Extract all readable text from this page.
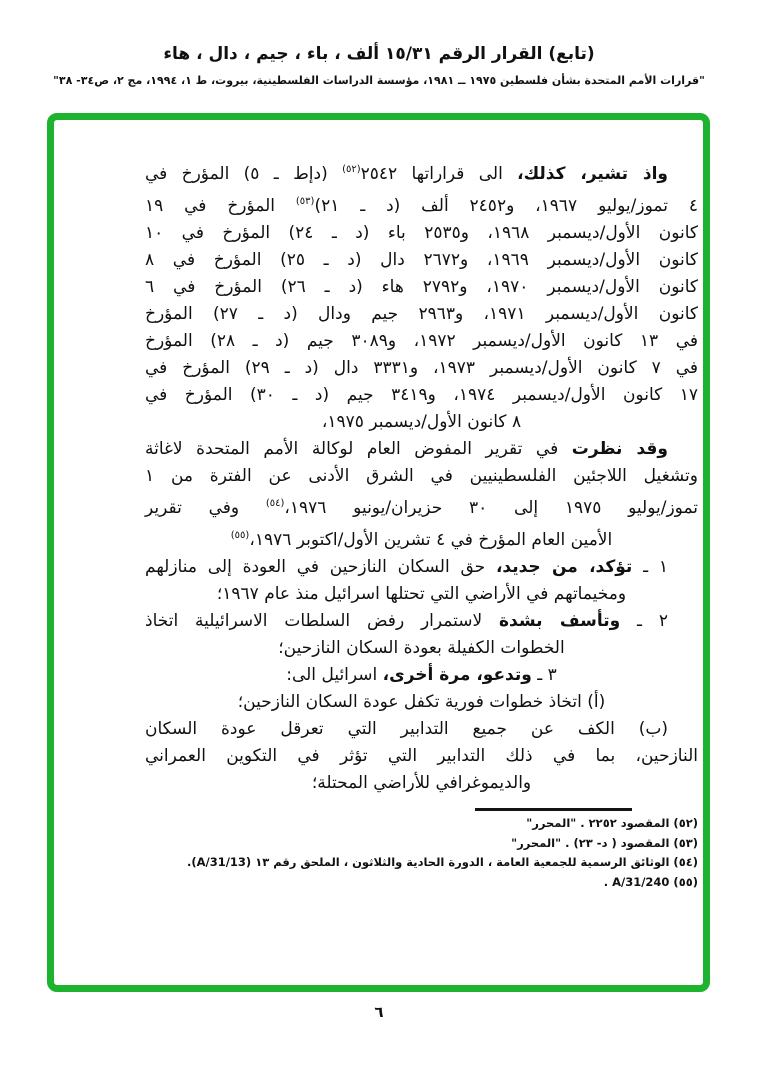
(تابع) القرار الرقم ١٥/٣١ ألف ، باء ، جيم ، دال ، هاء
"قرارات الأمم المتحدة بشأن فلسطين ١٩٧٥ ــ ١٩٨١، مؤسسة الدراسات الفلسطينية، بيروت، ط ١، ١٩٩٤، مج ٢، ص٣٤- ٣٨"
واذ تشير، كذلك، الى قراراتها ٢٥٤٢$^{(٥٢)}$ (دإط ـ ٥) المؤرخ في
٤ تموز/يوليو ١٩٦٧، و٢٤٥٢ ألف (د ـ ٢١)$^{(٥٣)}$ المؤرخ في ١٩
كانون الأول/ديسمبر ١٩٦٨، و٢٥٣٥ باء (د ـ ٢٤) المؤرخ في ١٠
كانون الأول/ديسمبر ١٩٦٩، و٢٦٧٢ دال (د ـ ٢٥) المؤرخ في ٨
كانون الأول/ديسمبر ١٩٧٠، و٢٧٩٢ هاء (د ـ ٢٦) المؤرخ في ٦
كانون الأول/ديسمبر ١٩٧١، و٢٩٦٣ جيم ودال (د ـ ٢٧) المؤرخ
في ١٣ كانون الأول/ديسمبر ١٩٧٢، و٣٠٨٩ جيم (د ـ ٢٨) المؤرخ
في ٧ كانون الأول/ديسمبر ١٩٧٣، و٣٣٣١ دال (د ـ ٢٩) المؤرخ في
١٧ كانون الأول/ديسمبر ١٩٧٤، و٣٤١٩ جيم (د ـ ٣٠) المؤرخ في
٨ كانون الأول/ديسمبر ١٩٧٥،
وقد نظرت في تقرير المفوض العام لوكالة الأمم المتحدة لاغاثة
وتشغيل اللاجئين الفلسطينيين في الشرق الأدنى عن الفترة من ١
تموز/يوليو ١٩٧٥ إلى ٣٠ حزيران/يونيو ١٩٧٦،$^{(٥٤)}$ وفي تقرير
الأمين العام المؤرخ في ٤ تشرين الأول/اكتوبر ١٩٧٦،$^{(٥٥)}$
١ ـ تؤكد، من جديد، حق السكان النازحين في العودة إلى منازلهم
ومخيماتهم في الأراضي التي تحتلها اسرائيل منذ عام ١٩٦٧؛
٢ ـ وتأسف بشدة لاستمرار رفض السلطات الاسرائيلية اتخاذ
الخطوات الكفيلة بعودة السكان النازحين؛
٣ ـ وتدعو، مرة أخرى، اسرائيل الى:
(أ) اتخاذ خطوات فورية تكفل عودة السكان النازحين؛
(ب) الكف عن جميع التدابير التي تعرقل عودة السكان
النازحين، بما في ذلك التدابير التي تؤثر في التكوين العمراني
والديموغرافي للأراضي المحتلة؛
(٥٢) المقصود ٢٢٥٢ . "المحرر"
(٥٣) المقصود ( د- ٢٣) . "المحرر"
(٥٤) الوثائق الرسمية للجمعية العامة ، الدورة الحادية والثلاثون ، الملحق رقم ١٣ (A/31/13).
(٥٥) A/31/240 .
٦
